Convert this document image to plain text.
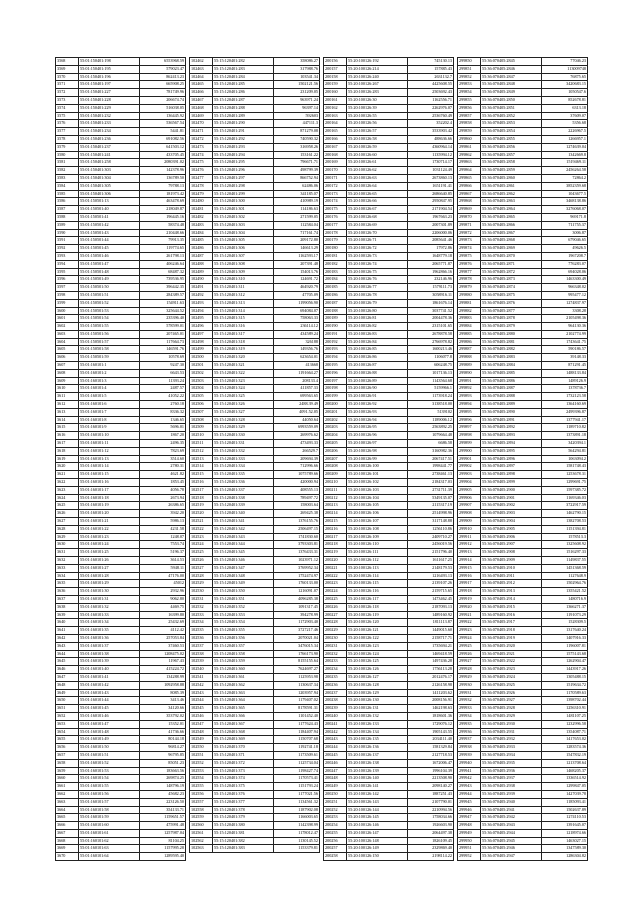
3568	55:01:150401:198	6553968.59
3569	55:01:150401:195	579023.47
3570	55:01:150401:196	862413.23
3571	55:01:150401:197	665908.25
3572	55:01:150401:227	781749.96
3573	55:01:150401:228	206674.74
3574	55:01:150401:229	516038.05
3575	55:01:150401:232	136445.92
3576	55:01:150401:233	536567.54
3577	55:01:150401:234	5441.81
3578	55:01:150401:236	691082.56
3579	55:01:150401:237	641503.12
3580	55:01:150401:241	433705.45
3581	55:01:150401:258	2080391.02
3582	55:01:150401:303	142378.96
3583	55:01:150401:304	136789.50
3584	55:01:150401:305	79788.13
3585	55:01:150401:306	181973.42
3586	55:01:150501:13	463478.69
3587	55:01:150501:40	218049.87
3588	55:01:150501:41	196445.16
3589	55:01:150501:42	58374.48
3590	55:01:150501:43	210448.66
3591	55:01:150501:44	79913.35
3592	55:01:150501:45	119774.65
3593	55:01:150501:46	261798.13
3594	55:01:150501:47	406246.64
3595	55:01:150501:48	68487.32
3596	55:01:150501:49	739536.95
3597	55:01:150501:50	396442.35
3598	55:01:150501:51	284389.57
3599	55:01:150501:52	154911.63
3600	55:01:150501:53	325644.52
3601	55:01:150501:54	235396.40
3602	55:01:150501:55	578599.01
3603	55:01:150501:56	207465.01
3604	55:01:150501:57	117664.73
3605	55:01:150501:58	146591.76
3606	55:01:150501:59	10578.69
3607	55:01:160101:1	9247.30
3608	55:01:160101:2	6643.53
3609	55:01:160101:3	11393.24
3610	55:01:160101:4	2487.57
3611	55:01:160101:5	41052.22
3612	55:01:160101:6	2760.18
3613	55:01:160101:7	8336.32
3614	55:01:160101:8	1346.65
3615	55:01:160101:9	5696.01
3616	55:01:160101:10	1867.20
3617	55:01:160101:11	2496.35
3618	55:01:160101:12	7823.69
3619	55:01:160101:13	3514.60
3620	55:01:160101:14	2780.31
3621	55:01:160101:15	4621.82
3622	55:01:160101:16	1853.45
3623	55:01:160101:17	4056.78
3624	55:01:160101:18	2673.94
3625	55:01:160101:19	26386.65
3626	55:01:160101:20	3942.20
3627	55:01:160101:21	5986.13
3628	55:01:160101:22	4231.58
3629	55:01:160101:23	1248.07
3630	55:01:160101:24	7553.74
3631	55:01:160101:25	5196.37
3632	55:01:160101:26	3614.53
3633	55:01:160101:27	5948.11
3634	55:01:160101:28	47176.00
3635	55:01:160101:29	45012
3636	55:01:160101:30	2932.96
3637	55:01:160101:31	9062.80
3638	55:01:160101:32	4469.75
3639	55:01:160101:33	16399.80
3640	55:01:160101:34	25432.69
3641	55:01:160101:35	4112.42
3642	55:01:160101:36	257053.84
3643	55:01:160101:37	37460.53
3644	55:01:160101:38	1208475.02
3645	55:01:160101:39	11967.43
3646	55:01:160101:40	415224.72
3647	55:01:160101:41	134288.99
3648	55:01:160101:42	1092958.88
3649	55:01:160101:43	8085.39
3650	55:01:160101:44	3413.46
3651	55:01:160101:45	34120.66
3652	55:01:160101:46	353792.02
3653	55:01:160101:47	15352.01
3654	55:01:160101:48	41736.66
3655	55:01:160101:49	80144.18
3656	55:01:160101:50	96814.27
3657	55:01:160101:51	96795.85
3658	55:01:160101:52	85051.23
3659	55:01:160101:53	183663.56
3660	55:01:160101:54	269874.25
3661	55:01:160101:55	148796.19
3662	55:01:160101:56	45682.23
3663	55:01:160101:57	223126.50
3664	55:01:160101:58	354133.71
3665	55:01:160101:59	1159651.57
3666	55:01:160101:60	475991.48
3667	55:01:160101:61	1257987.04
3668	55:01:160101:62	81104.25
3669	55:01:160101:63	1157995.28
3670	55:01:160101:64	1289595.40
102462	55:15:120401:282	358086.27
102463	55:15:120401:283	317988.76
102464	55:15:120401:284	103541.34
102465	55:15:120401:285	1502121.56
102466	55:15:120401:286	231209.05
102467	55:15:120401:287	963971.24
102468	55:15:120401:288	96397.14
102469	55:15:120401:289	592603
102470	55:15:120401:290	447111.3
102471	55:15:120401:291	871279.08
102472	55:15:120401:292	740590.32
102473	55:15:120401:293	316958.26
102474	55:15:120401:294	153161.22
102475	55:15:120401:295	796671.71
102476	55:15:120401:296	498799.39
102477	55:15:120401:297	866752.94
102478	55:15:120401:298	62486.06
102479	55:15:120401:299	341185.07
102480	55:15:120401:300	410989.19
102481	55:15:120401:301	114186.63
102482	55:15:120401:302	271599.05
102483	55:15:120401:303	112584.04
102484	55:15:120401:304	717161.74
102485	55:15:120401:305	209172.80
102486	55:15:120401:306	146613.29
102487	55:15:120401:307	1162593.17
102488	55:15:120401:308	207391.48
102489	55:15:120401:309	154013.76
102490	55:15:120401:310	124691.72
102491	55:15:120401:311	464920.79
102492	55:15:120401:312	47705.09
102493	55:15:120401:313	1199056.90
102494	55:15:120401:314	694084.07
102495	55:15:120401:315	758063.33
102496	55:15:120401:316	236114.12
102497	55:15:120401:317	434589.24
102498	55:15:120401:318	326188
102499	55:15:120401:319	149356.76
102500	55:15:120401:320	623654.01
102501	55:15:120401:321	413668
102502	55:15:120401:322	1191664.27
102503	55:15:120401:323	208133.4
102504	55:15:120401:324	411857.33
102505	55:15:120401:325	699563.65
102506	55:15:120401:326	2488.39.49
102507	55:15:120401:327	4091.52.05
102508	55:15:120401:328	44050.64
102509	55:15:120401:329	6993559.09
102510	55:15:120401:330	269976.62
102511	55:15:120401:331	473493.33
102512	55:15:120401:332	266529.7
102513	55:15:120401:333	209694.39
102514	55:15:120401:334	712996.66
102515	55:15:120401:335	1075789.66
102516	55:15:120401:336	420000.94
102517	55:15:120401:337	408555.13
102518	55:15:120401:338	789497.72
102519	55:15:120401:339	158003.64
102520	55:15:120401:340	269425.38
102521	55:15:120401:341	1376155.76
102522	55:15:120401:342	2506497.15
102523	55:15:120401:343	1741830.60
102524	55:15:120401:344	3793303.81
102525	55:15:120401:345	1376433.31
102526	55:15:120401:346	1023971.12
102527	55:15:120401:347	3769952.34
102528	55:15:120401:348	1752474.97
102529	55:15:120401:349	1760133.00
102530	55:15:120401:350	1216091.07
102531	55:15:120401:351	4096285.38
102532	55:15:120401:352	1091317.45
102533	55:15:120401:353	394278.99
102534	55:15:120401:354	1172903.40
102535	55:15:120401:355	3727217.46
102536	55:15:120401:356	2070021.04
102537	55:15:120401:357	3476015.34
102538	55:15:120401:358	1766173.90
102539	55:15:120401:359	8155155.64
102540	55:15:120401:360	7624697.27
102541	55:15:120401:361	1125953.98
102542	55:15:120401:362	1130637.34
102543	55:15:120401:363	1203957.94
102544	55:15:120401:364	1179407.02
102545	55:15:120401:365	8178591.31
102546	55:15:120401:366	1101452.40
102547	55:15:120401:367	1177624.43
102548	55:15:120401:368	1184407.94
102549	55:15:120401:369	1150707.68
102550	55:15:120401:370	1192741.18
102551	55:15:120401:371	1173509.61
102552	55:15:120401:372	1125734.04
102553	55:15:120401:373	1198427.74
102554	55:15:120401:374	1170573.41
102555	55:15:120401:375	1151793.24
102556	55:15:120401:376	1177021.56
102557	55:15:120401:377	1134561.32
102558	55:15:120401:378	1187902.08
102559	55:15:120401:379	1166003.65
102560	55:15:120401:380	1142398.99
102561	55:15:120401:381	1178012.47
102562	55:15:120401:382	1130145.52
102563	55:15:120401:383	1153379.81
200156	55:20:100126:192	745130.13
200157	55:20:100126:214	157885.43
200158	55:20:100126:240	2631132.7
200159	55:20:100126:267	4425608.55
200160	55:20:100126:283	2503692.43
200161	55:20:100126:30	1162556.71
200162	55:20:100126:39	2262976.07
200163	55:20:100126:55	2536760.49
200164	55:20:100126:56	352202.4
200165	55:20:100126:57	3533903.42
200166	55:20:100126:58	488636.66
200167	55:20:100126:59	4360964.14
200168	55:20:100126:60	1135994.12
200169	55:20:100126:61	1730714.17
200170	55:20:100126:62	1031124.49
200171	55:20:100126:63	2673860.13
200172	55:20:100126:64	1651191.41
200173	55:20:100126:65	2686640.85
200174	55:20:100126:66	2950847.95
200175	55:20:100126:67	2171904.54
200176	55:20:100126:68	1967663.23
200177	55:20:100126:69	2007301.89
200178	55:20:100126:70	2206000.06
200179	55:20:100126:71	2085641.46
200180	55:20:100126:72	17972.86
200181	55:20:100126:73	1648779.18
200182	55:20:100126:74	2065771.87
200183	55:20:100126:75	1962866.16
200184	55:20:100126:76	232146.96
200185	55:20:100126:77	1579111.73
200186	55:20:100126:78	3058916.11
200187	55:20:100126:79	1861676.14
200188	55:20:100126:80	3037741.52
200189	55:20:100126:81	2004478.36
200190	55:20:100126:82	2315101.65
200191	55:20:100126:83	2678878.58
200192	55:20:100126:84	2766978.82
200193	55:20:100126:85	1600213.46
200194	55:20:100126:86	1106077.8
200195	55:20:100126:87	606248.75
200196	55:20:100126:88	1017136.13
200197	55:20:100126:89	1143564.68
200198	55:20:100126:90	5159966.1
200199	55:20:100126:91	1173918.24
200200	55:20:100126:92	3138518.00
200201	55:20:100126:93	5139102
200202	55:20:100126:94	1189006.12
200203	55:20:100126:95	2563892.25
200204	55:20:100126:96	1079664.48
200205	55:20:100126:97	6686.58
200206	55:20:100126:98	3160982.36
200207	55:20:100126:99	2067417.51
200208	55:20:100126:100	1998441.77
200209	55:20:100126:101	2738461.13
200210	55:20:100126:102	2184317.03
200211	55:20:100126:103	2731711.39
200212	55:20:100126:104	5349135.07
200213	55:20:100126:105	2115317.19
200214	55:20:100126:106	2514998.96
200215	55:20:100126:107	3117148.88
200216	55:20:100126:108	1256110.86
200217	55:20:100126:109	2409710.27
200218	55:20:100126:110	2456019.56
200219	55:20:100126:111	2151796.40
200220	55:20:100126:112	1611617.25
200221	55:20:100126:113	2148179.53
200222	55:20:100126:114	1216493.13
200223	55:20:100126:115	2139107.26
200224	55:20:100126:116	2159715.65
200225	55:20:100126:117	1473462.45
200226	55:20:100126:118	2187093.13
200227	55:20:100126:119	1489160.92
200228	55:20:100126:120	1811113.87
200229	55:20:100126:121	1449015.60
200230	55:20:100126:122	2158717.71
200231	55:20:100126:123	1735694.21
200232	55:20:100126:124	1469418.59
200233	55:20:100126:125	1497436.28
200234	55:20:100126:126	1756113.28
200235	55:20:100126:127	2012476.17
200236	55:20:100126:128	2126158.98
200237	55:20:100126:129	1411203.62
200238	55:20:100126:130	2008156.91
200239	55:20:100126:131	1462198.63
200240	55:20:100126:132	1818601.36
200241	55:20:100126:133	1729076.12
200242	55:20:100126:134	1905143.55
200243	55:20:100126:135	2034111.40
200244	55:20:100126:136	1581329.84
200245	55:20:100126:137	2127718.53
200246	55:20:100126:138	1672006.47
200247	55:20:100126:139	1996104.39
200248	55:20:100126:140	2213508.90
200249	55:20:100126:141	2098140.27
200250	55:20:100126:142	1887251.43
200251	55:20:100126:143	2107790.01
200252	55:20:100126:144	2210994.56
200253	55:20:100126:145	1758034.66
200254	55:20:100126:146	1926603.90
200255	55:20:100126:147	2064497.38
200256	55:20:100126:148	1826109.45
200257	55:20:100126:149	2329869.40
200258	55:20:100126:150	2198114.22
299850	55:36:070405:2845	77046.23
299851	55:36:070405:2846	113009748
299852	55:36:070405:2847	76875.65
299853	55:36:070405:2848	3420683.15
299854	55:36:070405:2849	1050547.6
299855	55:36:070405:2850	852678.81
299856	55:36:070405:2851	6313.18
299857	55:36:070405:2852	37609.07
299858	55:36:070405:2853	5356.68
299859	55:36:070405:2854	2226967.5
299860	55:36:070405:2855	1266957.1
299861	55:36:070405:2856	1274639.04
299862	55:36:070405:2857	1342669.8
299863	55:36:070405:2858	1519469.11
299864	55:36:070405:2859	2456264.58
299865	55:36:070405:2860	72864.2
299866	55:36:070405:2861	3852359.68
299867	55:36:070405:2862	1043677.5
299868	55:36:070405:2863	3468138.86
299869	55:36:070405:2864	3276068.07
299870	55:36:070405:2865	969171.8
299871	55:36:070405:2866	711755.37
299872	55:36:070405:2867	3006.87
299873	55:36:070405:2868	679046.65
299874	55:36:070405:2869	49626.5
299875	55:36:070405:2870	1967208.7
299876	55:36:070405:2871	776283.07
299877	55:36:070405:2872	694028.06
299878	55:36:070405:2873	1463300.49
299879	55:36:070405:2874	966348.02
299880	55:36:070405:2875	995477.12
299881	55:36:070405:2876	1274837.97
299882	55:36:070405:2877	3308.28
299883	55:36:070405:2878	2105498.36
299884	55:36:070405:2879	964130.36
299885	55:36:070405:2880	2102774.99
299886	55:36:070405:2881	1743641.75
299887	55:36:070405:2882	590186.57
299888	55:36:070405:2883	39148.33
299889	55:36:070405:2884	871291.45
299890	55:36:070405:2885	1488133.84
299891	55:36:070405:2886	1489126.9
299892	55:36:070405:2887	1378736.7
299893	55:36:070405:2888	1732123.58
299894	55:36:070405:2889	1364160.69
299895	55:36:070405:2890	2499396.87
299896	55:36:070405:2891	1377941.17
299897	55:36:070405:2892	1189710.82
299898	55:36:070405:2893	1373891.18
299899	55:36:070405:2894	3420394.1
299900	55:36:070405:2895	564294.81
299901	55:36:070405:2896	1063094.2
299902	55:36:070405:2897	1581748.43
299903	55:36:070405:2898	1253678.31
299904	55:36:070405:2899	1299691.75
299905	55:36:070405:2900	1597385.72
299906	55:36:070405:2901	1169346.03
299907	55:36:070405:2902	3722917.59
299908	55:36:070405:2903	1462790.15
299909	55:36:070405:2904	1382708.53
299910	55:36:070405:2905	1151394.81
299911	55:36:070405:2906	1578513.3
299912	55:36:070405:2907	1325608.92
299913	55:36:070405:2908	1516297.33
299914	55:36:070405:2909	1149837.55
299915	55:36:070405:2910	1451368.59
299916	55:36:070405:2911	1127648.9
299917	55:36:070405:2912	1502964.76
299918	55:36:070405:2913	1355421.52
299919	55:36:070405:2914	1480716.9
299920	55:36:070405:2915	1366271.37
299921	55:36:070405:2916	1191073.29
299922	55:36:070405:2917	1528309.5
299923	55:36:070405:2918	1317640.24
299924	55:36:070405:2919	1407916.33
299925	55:36:070405:2920	1196007.81
299926	55:36:070405:2921	1575143.68
299927	55:36:070405:2922	1262904.47
299928	55:36:070405:2923	1443917.26
299929	55:36:070405:2924	1305488.15
299930	55:36:070405:2925	1519634.72
299931	55:36:070405:2926	1170589.63
299932	55:36:070405:2927	1398702.44
299933	55:36:070405:2928	1256310.91
299934	55:36:070405:2929	1481107.25
299935	55:36:070405:2930	1232996.58
299936	55:36:070405:2931	1354087.71
299937	55:36:070405:2932	1417653.02
299938	55:36:070405:2933	1283574.36
299939	55:36:070405:2934	1547832.19
299940	55:36:070405:2935	1213708.64
299941	55:36:070405:2936	1468205.37
299942	55:36:070405:2937	1336514.92
299943	55:36:070405:2938	1299847.05
299944	55:36:070405:2939	1427039.78
299945	55:36:070405:2940	1185093.41
299946	55:36:070405:2941	1502637.89
299947	55:36:070405:2942	1274110.53
299948	55:36:070405:2943	1391645.07
299949	55:36:070405:2944	1218974.66
299950	55:36:070405:2945	1463027.15
299951	55:36:070405:2946	1347589.30
299952	55:36:070405:2947	1286304.82
